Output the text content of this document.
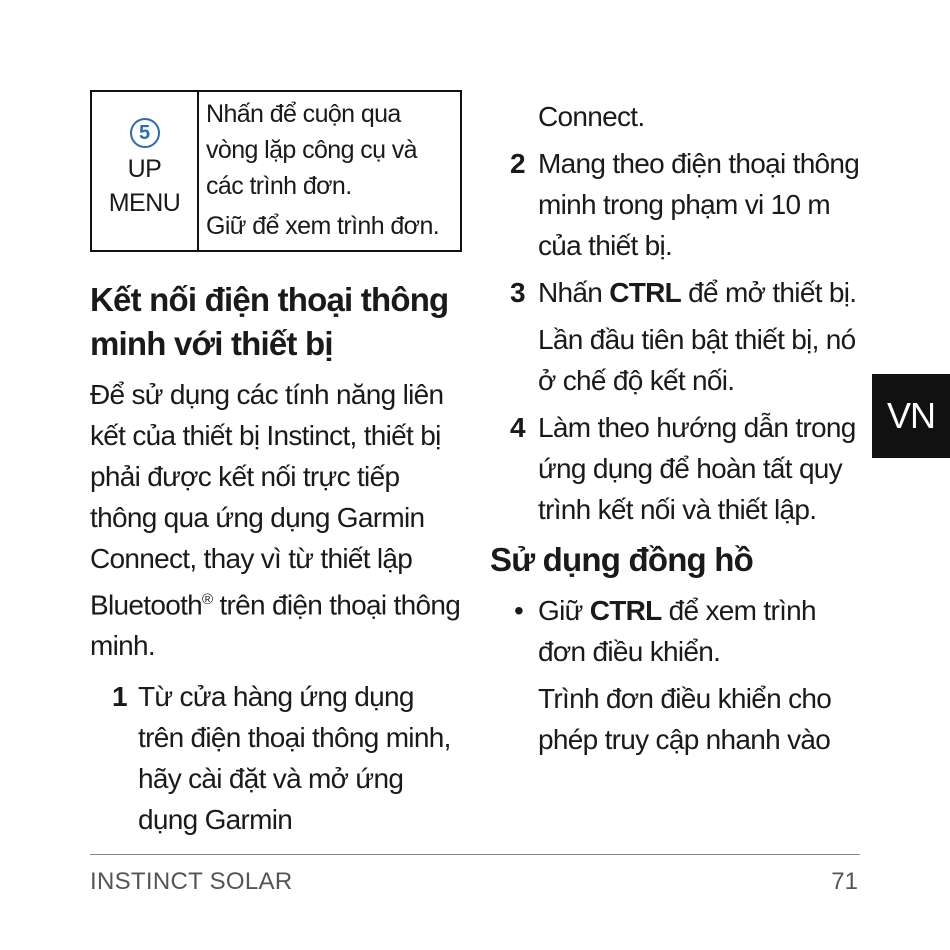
5
UP
MENU

Nhấn để cuộn qua vòng lặp công cụ và các trình đơn.
Giữ để xem trình đơn.
Kết nối điện thoại thông minh với thiết bị

Để sử dụng các tính năng liên kết của thiết bị Instinct, thiết bị phải được kết nối trực tiếp thông qua ứng dụng Garmin Connect, thay vì từ thiết lập Bluetooth® trên điện thoại thông minh.

1 Từ cửa hàng ứng dụng trên điện thoại thông minh, hãy cài đặt và mở ứng dụng Garmin
Connect.
2 Mang theo điện thoại thông minh trong phạm vi 10 m của thiết bị.
3 Nhấn CTRL để mở thiết bị.
Lần đầu tiên bật thiết bị, nó ở chế độ kết nối.
4 Làm theo hướng dẫn trong ứng dụng để hoàn tất quy trình kết nối và thiết lập.
Sử dụng đồng hồ
• Giữ CTRL để xem trình đơn điều khiển.
Trình đơn điều khiển cho phép truy cập nhanh vào
VN
INSTINCT SOLAR	71
